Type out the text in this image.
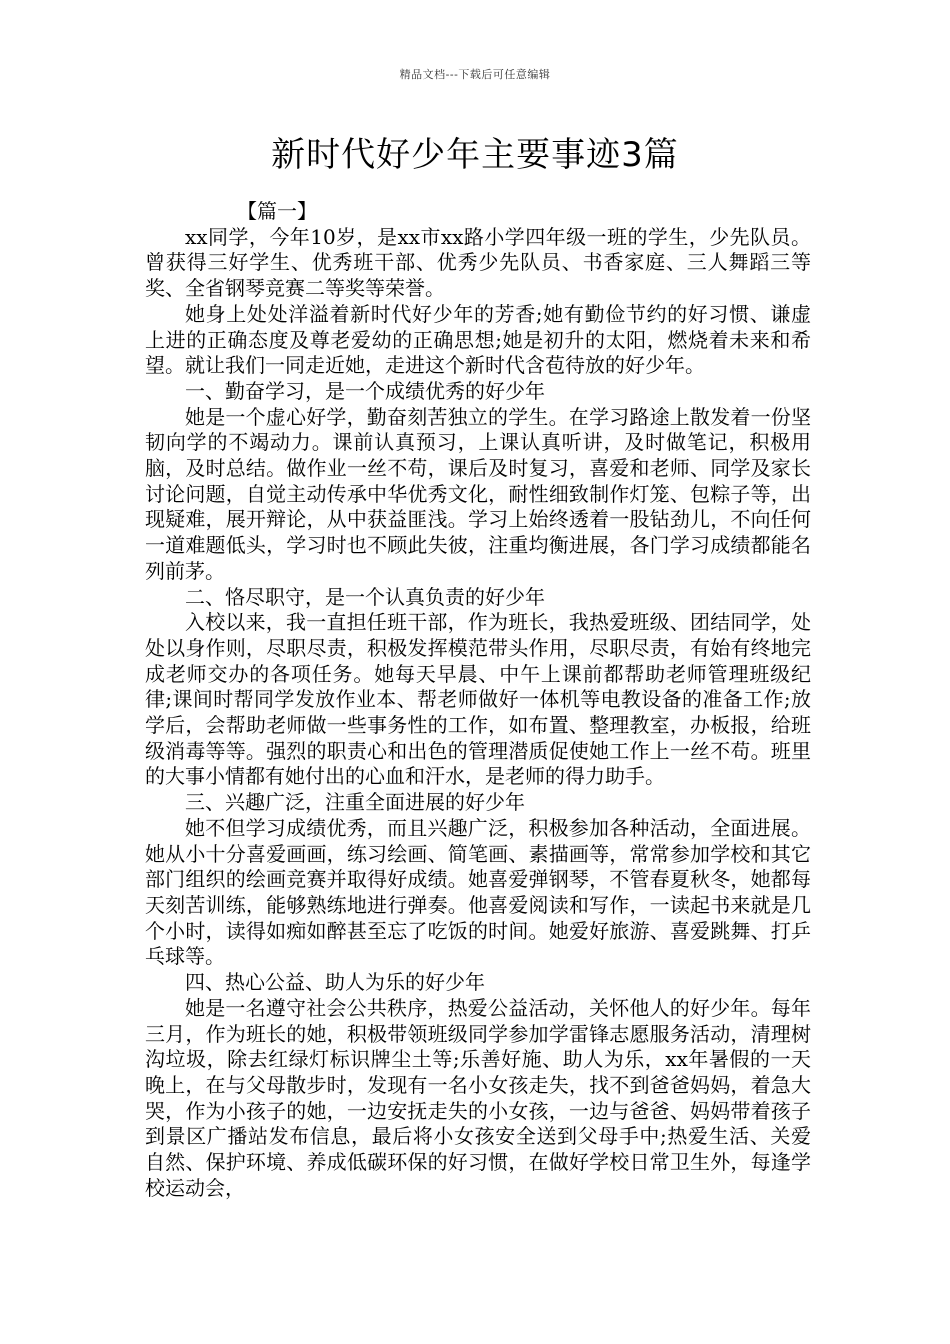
精品文档---下载后可任意编辑
新时代好少年主要事迹3篇

【篇一】

xx同学，今年10岁，是xx市xx路小学四年级一班的学生，少先队员。曾获得三好学生、优秀班干部、优秀少先队员、书香家庭、三人舞蹈三等奖、全省钢琴竞赛二等奖等荣誉。

她身上处处洋溢着新时代好少年的芳香;她有勤俭节约的好习惯、谦虚上进的正确态度及尊老爱幼的正确思想;她是初升的太阳，燃烧着未来和希望。就让我们一同走近她，走进这个新时代含苞待放的好少年。

一、勤奋学习，是一个成绩优秀的好少年

她是一个虚心好学，勤奋刻苦独立的学生。在学习路途上散发着一份坚韧向学的不竭动力。课前认真预习，上课认真听讲，及时做笔记，积极用脑，及时总结。做作业一丝不苟，课后及时复习，喜爱和老师、同学及家长讨论问题，自觉主动传承中华优秀文化，耐性细致制作灯笼、包粽子等，出现疑难，展开辩论，从中获益匪浅。学习上始终透着一股钻劲儿，不向任何一道难题低头，学习时也不顾此失彼，注重均衡进展，各门学习成绩都能名列前茅。

二、恪尽职守，是一个认真负责的好少年

入校以来，我一直担任班干部，作为班长，我热爱班级、团结同学，处处以身作则，尽职尽责，积极发挥模范带头作用，尽职尽责，有始有终地完成老师交办的各项任务。她每天早晨、中午上课前都帮助老师管理班级纪律;课间时帮同学发放作业本、帮老师做好一体机等电教设备的准备工作;放学后，会帮助老师做一些事务性的工作，如布置、整理教室，办板报，给班级消毒等等。强烈的职责心和出色的管理潜质促使她工作上一丝不苟。班里的大事小情都有她付出的心血和汗水，是老师的得力助手。

三、兴趣广泛，注重全面进展的好少年

她不但学习成绩优秀，而且兴趣广泛，积极参加各种活动，全面进展。她从小十分喜爱画画，练习绘画、简笔画、素描画等，常常参加学校和其它部门组织的绘画竞赛并取得好成绩。她喜爱弹钢琴，不管春夏秋冬，她都每天刻苦训练，能够熟练地进行弹奏。他喜爱阅读和写作，一读起书来就是几个小时，读得如痴如醉甚至忘了吃饭的时间。她爱好旅游、喜爱跳舞、打乒乓球等。

四、热心公益、助人为乐的好少年

她是一名遵守社会公共秩序，热爱公益活动，关怀他人的好少年。每年三月，作为班长的她，积极带领班级同学参加学雷锋志愿服务活动，清理树沟垃圾，除去红绿灯标识牌尘土等;乐善好施、助人为乐，xx年暑假的一天晚上，在与父母散步时，发现有一名小女孩走失，找不到爸爸妈妈，着急大哭，作为小孩子的她，一边安抚走失的小女孩，一边与爸爸、妈妈带着孩子到景区广播站发布信息，最后将小女孩安全送到父母手中;热爱生活、关爱自然、保护环境、养成低碳环保的好习惯，在做好学校日常卫生外，每逢学校运动会，
